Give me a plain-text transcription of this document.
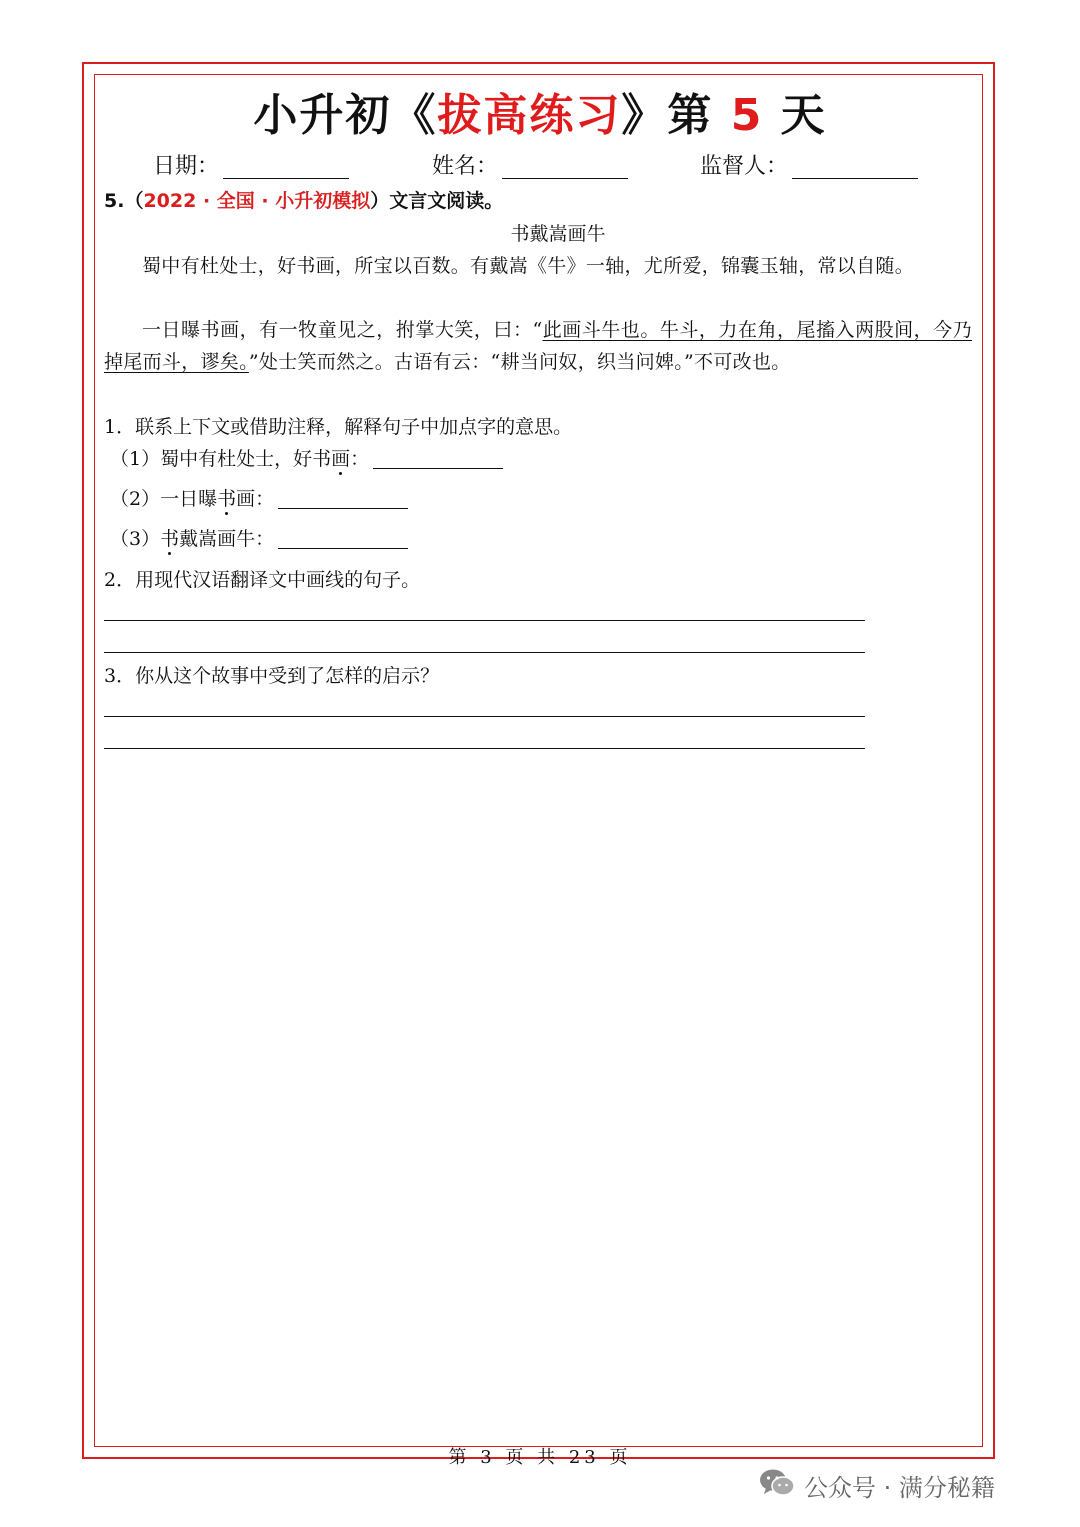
小升初《拔高练习》第 5 天
日期：	姓名：	监督人：
5.（2022 · 全国 · 小升初模拟）文言文阅读。
书戴嵩画牛
蜀中有杜处士，好书画，所宝以百数。有戴嵩《牛》一轴，尤所爱，锦囊玉轴，常以自随。
一日曝书画，有一牧童见之，拊掌大笑，曰：“此画斗牛也。牛斗，力在角，尾搐入两股间，今乃掉尾而斗，谬矣。”处士笑而然之。古语有云：“耕当问奴，织当问婢。”不可改也。
1．联系上下文或借助注释，解释句子中加点字的意思。
（1）蜀中有杜处士，好书画：
（2）一日曝书画：
（3）书戴嵩画牛：
2．用现代汉语翻译文中画线的句子。
3．你从这个故事中受到了怎样的启示？
第 3 页 共 23 页
公众号 · 满分秘籍
